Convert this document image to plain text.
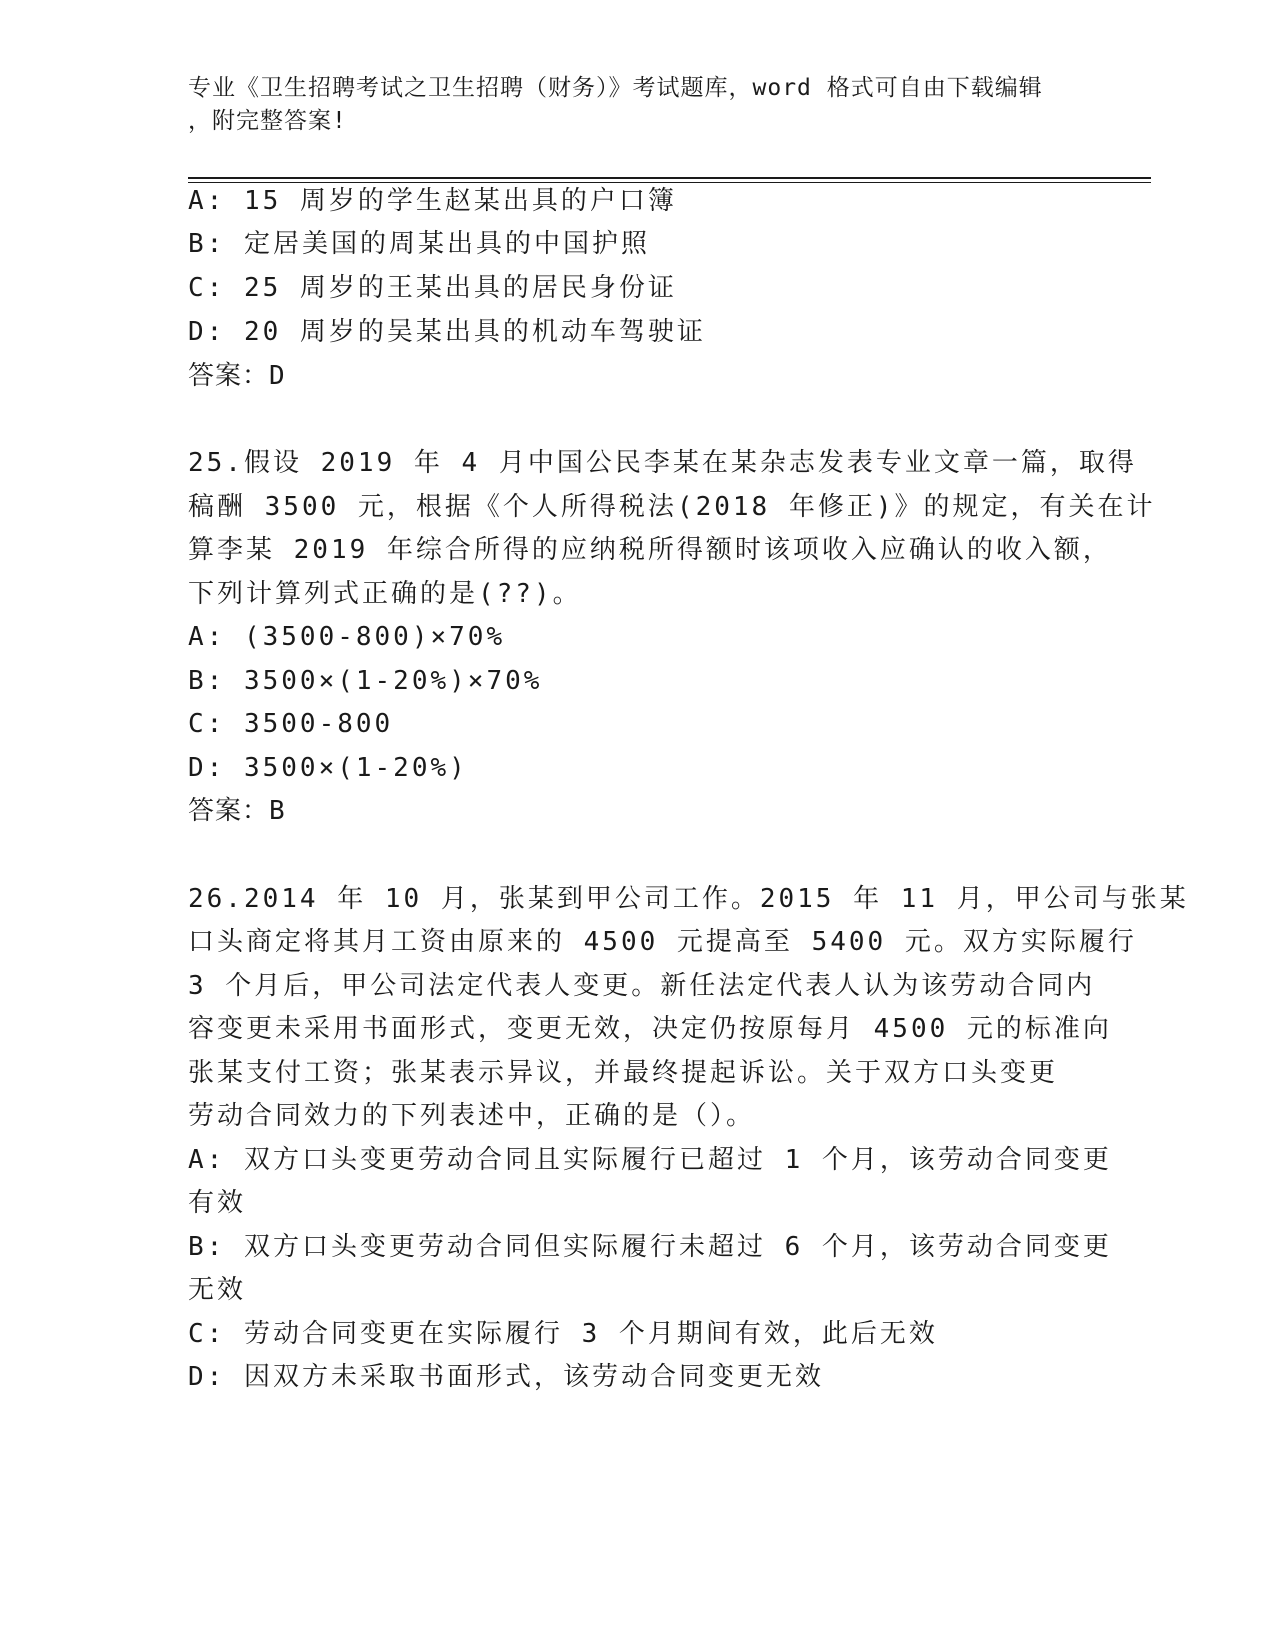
专业《卫生招聘考试之卫生招聘（财务）》考试题库，word 格式可自由下载编辑
，附完整答案!
A: 15 周岁的学生赵某出具的户口簿
B: 定居美国的周某出具的中国护照
C: 25 周岁的王某出具的居民身份证
D: 20 周岁的吴某出具的机动车驾驶证
答案：D
25.假设 2019 年 4 月中国公民李某在某杂志发表专业文章一篇，取得
稿酬 3500 元，根据《个人所得税法(2018 年修正)》的规定，有关在计
算李某 2019 年综合所得的应纳税所得额时该项收入应确认的收入额，
下列计算列式正确的是(??)。
A: (3500-800)×70%
B: 3500×(1-20%)×70%
C: 3500-800
D: 3500×(1-20%)
答案：B
26.2014 年 10 月，张某到甲公司工作。2015 年 11 月，甲公司与张某
口头商定将其月工资由原来的 4500 元提高至 5400 元。双方实际履行
3 个月后，甲公司法定代表人变更。新任法定代表人认为该劳动合同内
容变更未采用书面形式，变更无效，决定仍按原每月 4500 元的标准向
张某支付工资；张某表示异议，并最终提起诉讼。关于双方口头变更
劳动合同效力的下列表述中，正确的是（）。
A: 双方口头变更劳动合同且实际履行已超过 1 个月，该劳动合同变更
有效
B: 双方口头变更劳动合同但实际履行未超过 6 个月，该劳动合同变更
无效
C: 劳动合同变更在实际履行 3 个月期间有效，此后无效
D: 因双方未采取书面形式，该劳动合同变更无效
